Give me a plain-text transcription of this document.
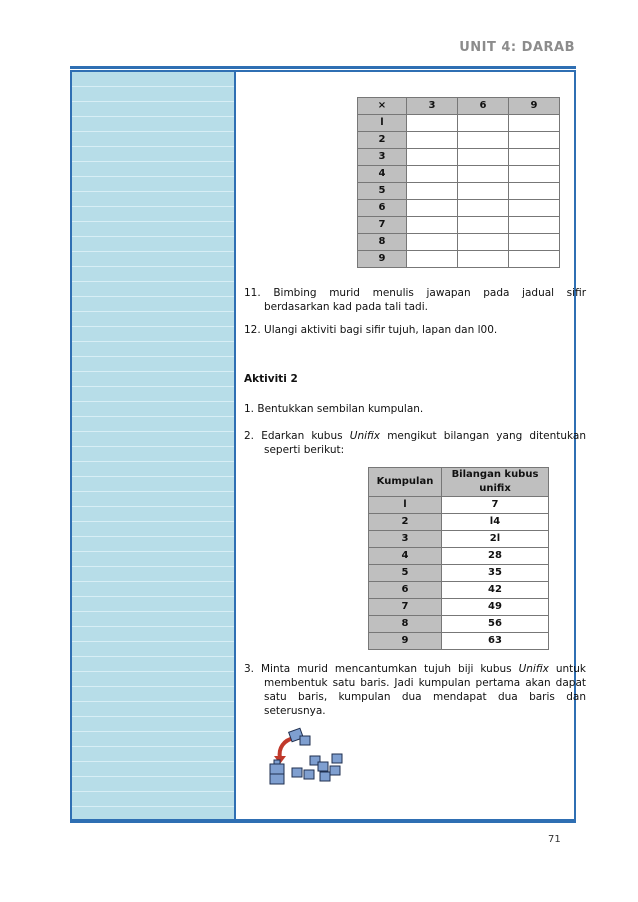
UNIT 4: DARAB
×	3	6	9
l			
2			
3			
4			
5			
6			
7			
8			
9			
11. Bimbing murid menulis jawapan pada jadual sifir berdasarkan kad pada tali tadi.
12. Ulangi aktiviti bagi sifir tujuh, lapan dan l00.
Aktiviti 2
1. Bentukkan sembilan kumpulan.
2. Edarkan kubus Unifix mengikut bilangan yang ditentukan seperti berikut:
Kumpulan	Bilangan kubus unifix
l	7
2	l4
3	2l
4	28
5	35
6	42
7	49
8	56
9	63
3. Minta murid mencantumkan tujuh biji kubus Unifix untuk membentuk satu baris. Jadi kumpulan pertama akan dapat satu baris, kumpulan dua mendapat dua baris dan seterusnya.
71
